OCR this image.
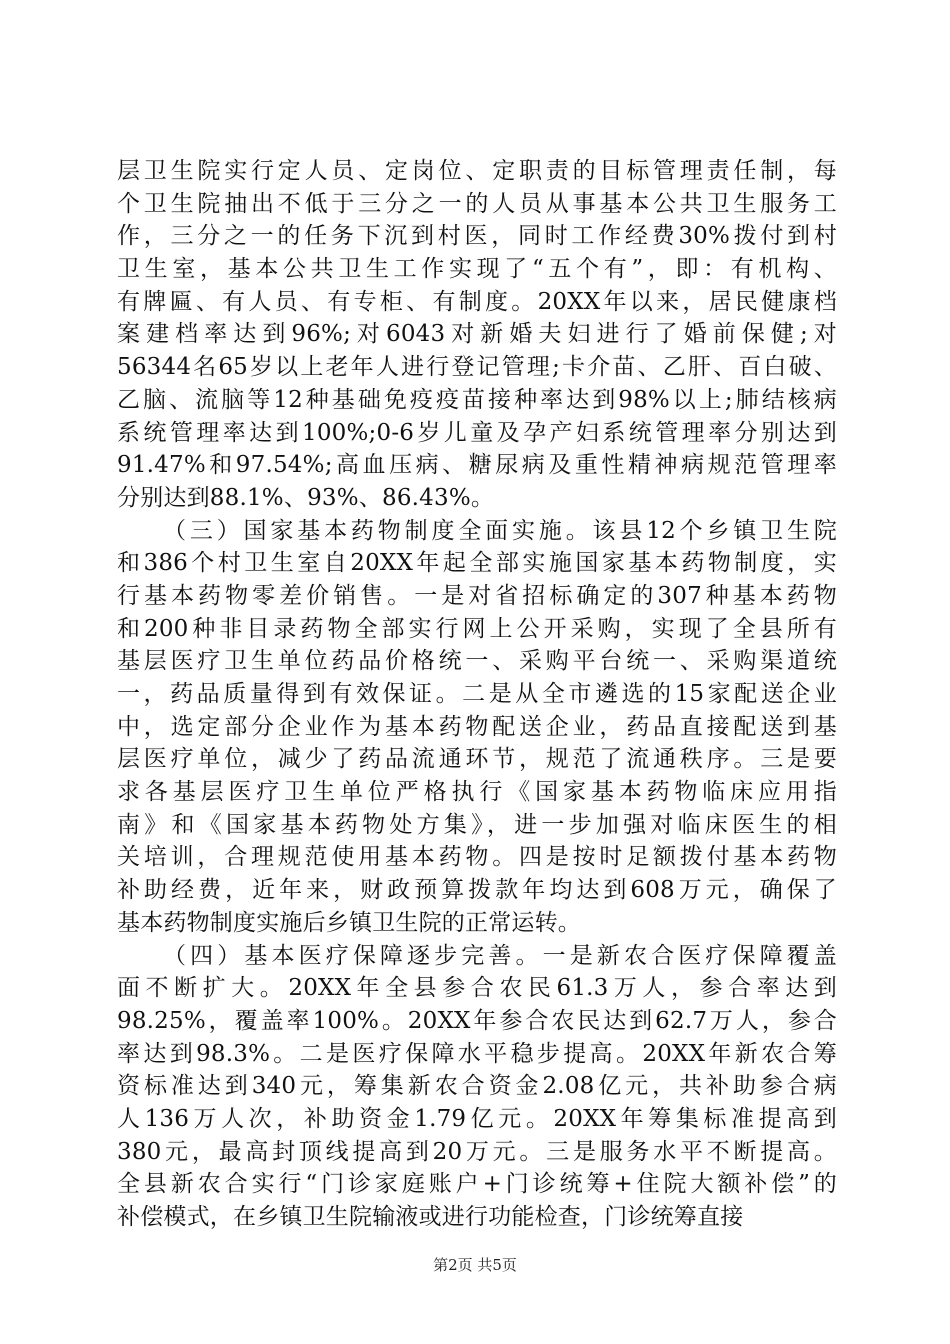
层卫生院实行定人员、定岗位、定职责的目标管理责任制，每
个卫生院抽出不低于三分之一的人员从事基本公共卫生服务工
作，三分之一的任务下沉到村医，同时工作经费30%拨付到村
卫生室，基本公共卫生工作实现了“五个有”，即：有机构、
有牌匾、有人员、有专柜、有制度。20XX年以来，居民健康档
案建档率达到96%;对6043对新婚夫妇进行了婚前保健;对
56344名65岁以上老年人进行登记管理;卡介苗、乙肝、百白破、
乙脑、流脑等12种基础免疫疫苗接种率达到98%以上;肺结核病
系统管理率达到100%;0-6岁儿童及孕产妇系统管理率分别达到
91.47%和97.54%;高血压病、糖尿病及重性精神病规范管理率
分别达到88.1%、93%、86.43%。
（三）国家基本药物制度全面实施。该县12个乡镇卫生院
和386个村卫生室自20XX年起全部实施国家基本药物制度，实
行基本药物零差价销售。一是对省招标确定的307种基本药物
和200种非目录药物全部实行网上公开采购，实现了全县所有
基层医疗卫生单位药品价格统一、采购平台统一、采购渠道统
一，药品质量得到有效保证。二是从全市遴选的15家配送企业
中，选定部分企业作为基本药物配送企业，药品直接配送到基
层医疗单位，减少了药品流通环节，规范了流通秩序。三是要
求各基层医疗卫生单位严格执行《国家基本药物临床应用指
南》和《国家基本药物处方集》，进一步加强对临床医生的相
关培训，合理规范使用基本药物。四是按时足额拨付基本药物
补助经费，近年来，财政预算拨款年均达到608万元，确保了
基本药物制度实施后乡镇卫生院的正常运转。
（四）基本医疗保障逐步完善。一是新农合医疗保障覆盖
面不断扩大。20XX年全县参合农民61.3万人，参合率达到
98.25%，覆盖率100%。20XX年参合农民达到62.7万人，参合
率达到98.3%。二是医疗保障水平稳步提高。20XX年新农合筹
资标准达到340元，筹集新农合资金2.08亿元，共补助参合病
人136万人次，补助资金1.79亿元。20XX年筹集标准提高到
380元，最高封顶线提高到20万元。三是服务水平不断提高。
全县新农合实行“门诊家庭账户+门诊统筹+住院大额补偿”的
补偿模式，在乡镇卫生院输液或进行功能检查，门诊统筹直接
第2页 共5页
